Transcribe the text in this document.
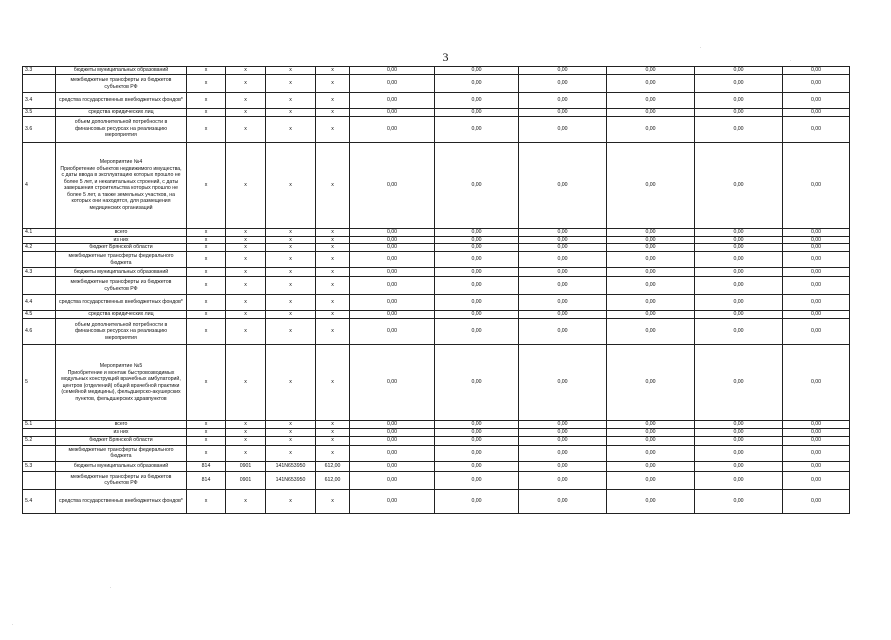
3
3.3	бюджеты муниципальных образований	x	x	x	x	0,00	0,00	0,00	0,00	0,00	0,00
	межбюджетные трансферты из бюджетов субъектов РФ	x	x	x	x	0,00	0,00	0,00	0,00	0,00	0,00
3.4	средства государственных внебюджетных фондов*	x	x	x	x	0,00	0,00	0,00	0,00	0,00	0,00
3.5	средства юридических лиц	x	x	x	x	0,00	0,00	0,00	0,00	0,00	0,00
3.6	объем дополнительной потребности в финансовых ресурсах на реализацию мероприятия	x	x	x	x	0,00	0,00	0,00	0,00	0,00	0,00
4	Мероприятие №4
Приобретение объектов недвижимого имущества, с даты ввода в эксплуатацию которых прошло не более 5 лет, и некапитальных строений, с даты завершения строительства которых прошло не более 5 лет, а также земельных участков, на которых они находятся, для размещения медицинских организаций	x	x	x	x	0,00	0,00	0,00	0,00	0,00	0,00
4.1	всего	x	x	x	x	0,00	0,00	0,00	0,00	0,00	0,00
	из них	x	x	x	x	0,00	0,00	0,00	0,00	0,00	0,00
4.2	бюджет Брянской области	x	x	x	x	0,00	0,00	0,00	0,00	0,00	0,00
	межбюджетные трансферты федерального бюджета	x	x	x	x	0,00	0,00	0,00	0,00	0,00	0,00
4.3	бюджеты муниципальных образований	x	x	x	x	0,00	0,00	0,00	0,00	0,00	0,00
	межбюджетные трансферты из бюджетов субъектов РФ	x	x	x	x	0,00	0,00	0,00	0,00	0,00	0,00
4.4	средства государственных внебюджетных фондов*	x	x	x	x	0,00	0,00	0,00	0,00	0,00	0,00
4.5	средства юридических лиц	x	x	x	x	0,00	0,00	0,00	0,00	0,00	0,00
4.6	объем дополнительной потребности в финансовых ресурсах на реализацию мероприятия	x	x	x	x	0,00	0,00	0,00	0,00	0,00	0,00
5	Мероприятие №5
Приобретение и монтаж быстровозводимых модульных конструкций врачебных амбулаторий, центров (отделений) общей врачебной практики (семейной медицины), фельдшерско-акушерских пунктов, фельдшерских здравпунктов	x	x	x	x	0,00	0,00	0,00	0,00	0,00	0,00
5.1	всего	x	x	x	x	0,00	0,00	0,00	0,00	0,00	0,00
	из них	x	x	x	x	0,00	0,00	0,00	0,00	0,00	0,00
5.2	бюджет Брянской области	x	x	x	x	0,00	0,00	0,00	0,00	0,00	0,00
	межбюджетные трансферты федерального бюджета	x	x	x	x	0,00	0,00	0,00	0,00	0,00	0,00
5.3	бюджеты муниципальных образований	814	0901	141N653950	612,00	0,00	0,00	0,00	0,00	0,00	0,00
	межбюджетные трансферты из бюджетов субъектов РФ	814	0901	141N653950	612,00	0,00	0,00	0,00	0,00	0,00	0,00
5.4	средства государственных внебюджетных фондов*	x	x	x	x	0,00	0,00	0,00	0,00	0,00	0,00
·
·
·
·
